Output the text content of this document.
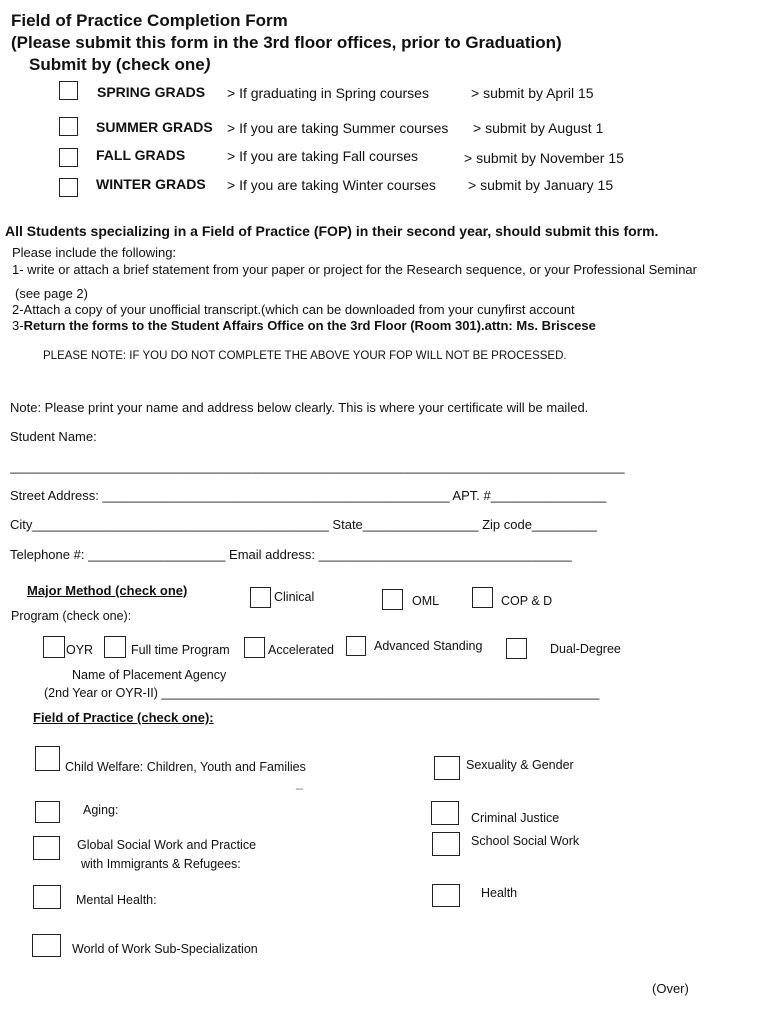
Field of Practice Completion Form
(Please submit this form in the 3rd floor offices, prior to Graduation)
Submit by (check one)
SPRING GRADS > If graduating in Spring courses	> submit by April 15
SUMMER GRADS > If you are taking Summer courses > submit by August 1
FALL GRADS	> If you are taking Fall courses	> submit by November 15
WINTER GRADS > If you are taking Winter courses > submit by January 15
All Students specializing in a Field of Practice (FOP) in their second year, should submit this form.
Please include the following:
1- write or attach a brief statement from your paper or project for the Research sequence, or your Professional Seminar
(see page 2)
2-Attach a copy of your unofficial transcript.(which can be downloaded from your cunyfirst account
3-Return the forms to the Student Affairs Office on the 3rd Floor (Room 301).attn: Ms. Briscese
PLEASE NOTE: IF YOU DO NOT COMPLETE THE ABOVE YOUR FOP WILL NOT BE PROCESSED.
Note: Please print your name and address below clearly. This is where your certificate will be mailed.
Student Name:
_____________________________________________________________________________________
Street Address: ________________________________________________ APT. #________________
City_________________________________________ State________________ Zip code_________
Telephone #: ___________________ Email address: ___________________________________
Major Method (check one)	Clinical	OML	COP & D
Program (check one):
OYR	Full time Program	Accelerated	Advanced Standing	Dual-Degree
Name of Placement Agency
(2nd Year or OYR-II) _______________________________________________________________
Field of Practice (check one):
Child Welfare: Children, Youth and Families
_
Aging:
Global Social Work and Practice
with Immigrants & Refugees:
Mental Health:
World of Work Sub-Specialization
Sexuality & Gender
Criminal Justice
School Social Work
Health
(Over)
